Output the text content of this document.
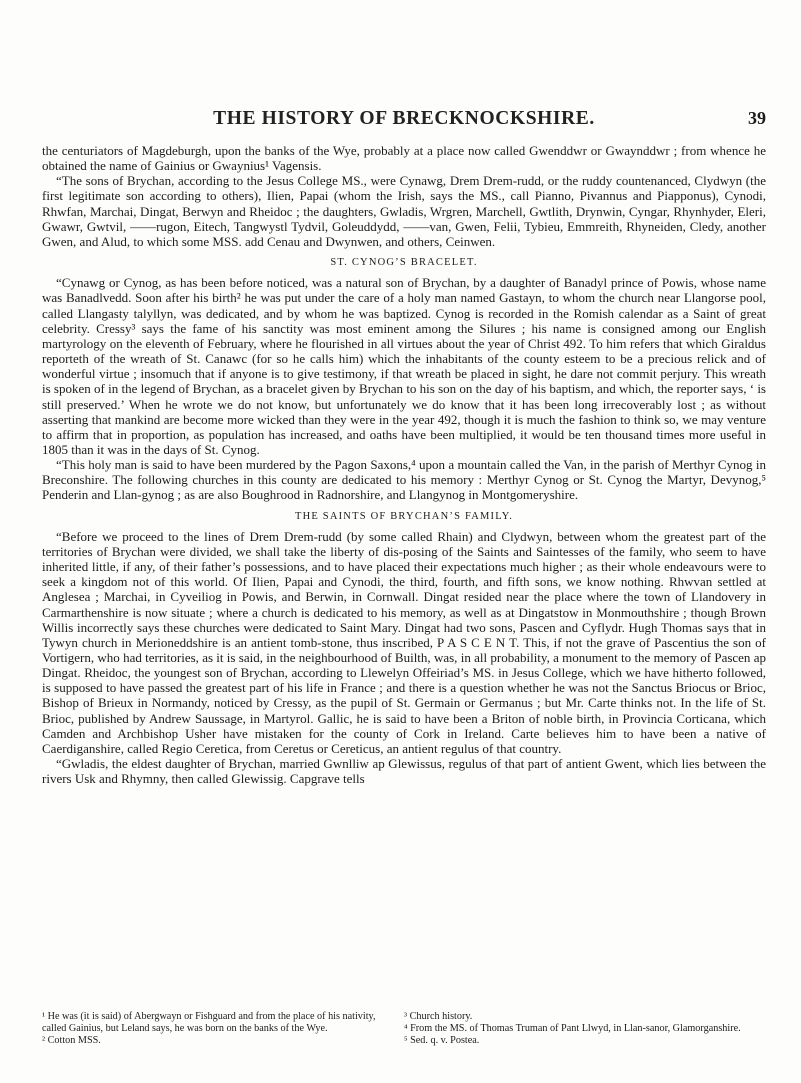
THE HISTORY OF BRECKNOCKSHIRE.	39

the centuriators of Magdeburgh, upon the banks of the Wye, probably at a place now called Gwenddwr or Gwaynddwr ; from whence he obtained the name of Gainius or Gwaynius¹ Vagensis.

“The sons of Brychan, according to the Jesus College MS., were Cynawg, Drem Drem-rudd, or the ruddy countenanced, Clydwyn (the first legitimate son according to others), Ilien, Papai (whom the Irish, says the MS., call Pianno, Pivannus and Piapponus), Cynodi, Rhwfan, Marchai, Dingat, Berwyn and Rheidoc ; the daughters, Gwladis, Wrgren, Marchell, Gwtlith, Drynwin, Cyngar, Rhynhyder, Eleri, Gwawr, Gwtvil, ——rugon, Eitech, Tangwystl Tydvil, Goleuddydd, ——van, Gwen, Felii, Tybieu, Emmreith, Rhyneiden, Cledy, another Gwen, and Alud, to which some MSS. add Cenau and Dwynwen, and others, Ceinwen.

ST. CYNOG’S BRACELET.

“Cynawg or Cynog, as has been before noticed, was a natural son of Brychan, by a daughter of Banadyl prince of Powis, whose name was Banadlvedd. Soon after his birth² he was put under the care of a holy man named Gastayn, to whom the church near Llangorse pool, called Llangasty talyllyn, was dedicated, and by whom he was baptized. Cynog is recorded in the Romish calendar as a Saint of great celebrity. Cressy³ says the fame of his sanctity was most eminent among the Silures ; his name is consigned among our English martyrology on the eleventh of February, where he flourished in all virtues about the year of Christ 492. To him refers that which Giraldus reporteth of the wreath of St. Canawc (for so he calls him) which the inhabitants of the county esteem to be a precious relick and of wonderful virtue ; insomuch that if anyone is to give testimony, if that wreath be placed in sight, he dare not commit perjury. This wreath is spoken of in the legend of Brychan, as a bracelet given by Brychan to his son on the day of his baptism, and which, the reporter says, ‘ is still preserved.’ When he wrote we do not know, but unfortunately we do know that it has been long irrecoverably lost ; as without asserting that mankind are become more wicked than they were in the year 492, though it is much the fashion to think so, we may venture to affirm that in proportion, as population has increased, and oaths have been multiplied, it would be ten thousand times more useful in 1805 than it was in the days of St. Cynog.

“This holy man is said to have been murdered by the Pagon Saxons,⁴ upon a mountain called the Van, in the parish of Merthyr Cynog in Breconshire. The following churches in this county are dedicated to his memory : Merthyr Cynog or St. Cynog the Martyr, Devynog,⁵ Penderin and Llan-gynog ; as are also Boughrood in Radnorshire, and Llangynog in Montgomeryshire.

THE SAINTS OF BRYCHAN’S FAMILY.

“Before we proceed to the lines of Drem Drem-rudd (by some called Rhain) and Clydwyn, between whom the greatest part of the territories of Brychan were divided, we shall take the liberty of dis-posing of the Saints and Saintesses of the family, who seem to have inherited little, if any, of their father’s possessions, and to have placed their expectations much higher ; as their whole endeavours were to seek a kingdom not of this world. Of Ilien, Papai and Cynodi, the third, fourth, and fifth sons, we know nothing. Rhwvan settled at Anglesea ; Marchai, in Cyveiliog in Powis, and Berwin, in Cornwall. Dingat resided near the place where the town of Llandovery in Carmarthenshire is now situate ; where a church is dedicated to his memory, as well as at Dingatstow in Monmouthshire ; though Brown Willis incorrectly says these churches were dedicated to Saint Mary. Dingat had two sons, Pascen and Cyflydr. Hugh Thomas says that in Tywyn church in Merioneddshire is an antient tomb-stone, thus inscribed, P A S C E N T. This, if not the grave of Pascentius the son of Vortigern, who had territories, as it is said, in the neighbourhood of Builth, was, in all probability, a monument to the memory of Pascen ap Dingat. Rheidoc, the youngest son of Brychan, according to Llewelyn Offeiriad’s MS. in Jesus College, which we have hitherto followed, is supposed to have passed the greatest part of his life in France ; and there is a question whether he was not the Sanctus Briocus or Brioc, Bishop of Brieux in Normandy, noticed by Cressy, as the pupil of St. Germain or Germanus ; but Mr. Carte thinks not. In the life of St. Brioc, published by Andrew Saussage, in Martyrol. Gallic, he is said to have been a Briton of noble birth, in Provincia Corticana, which Camden and Archbishop Usher have mistaken for the county of Cork in Ireland. Carte believes him to have been a native of Caerdiganshire, called Regio Ceretica, from Ceretus or Cereticus, an antient regulus of that country.

“Gwladis, the eldest daughter of Brychan, married Gwnlliw ap Glewissus, regulus of that part of antient Gwent, which lies between the rivers Usk and Rhymny, then called Glewissig. Capgrave tells

¹ He was (it is said) of Abergwayn or Fishguard and from the place of his nativity, called Gainius, but Leland says, he was born on the banks of the Wye.
² Cotton MSS.
³ Church history.
⁴ From the MS. of Thomas Truman of Pant Llwyd, in Llan-sanor, Glamorganshire.
⁵ Sed. q. v. Postea.
